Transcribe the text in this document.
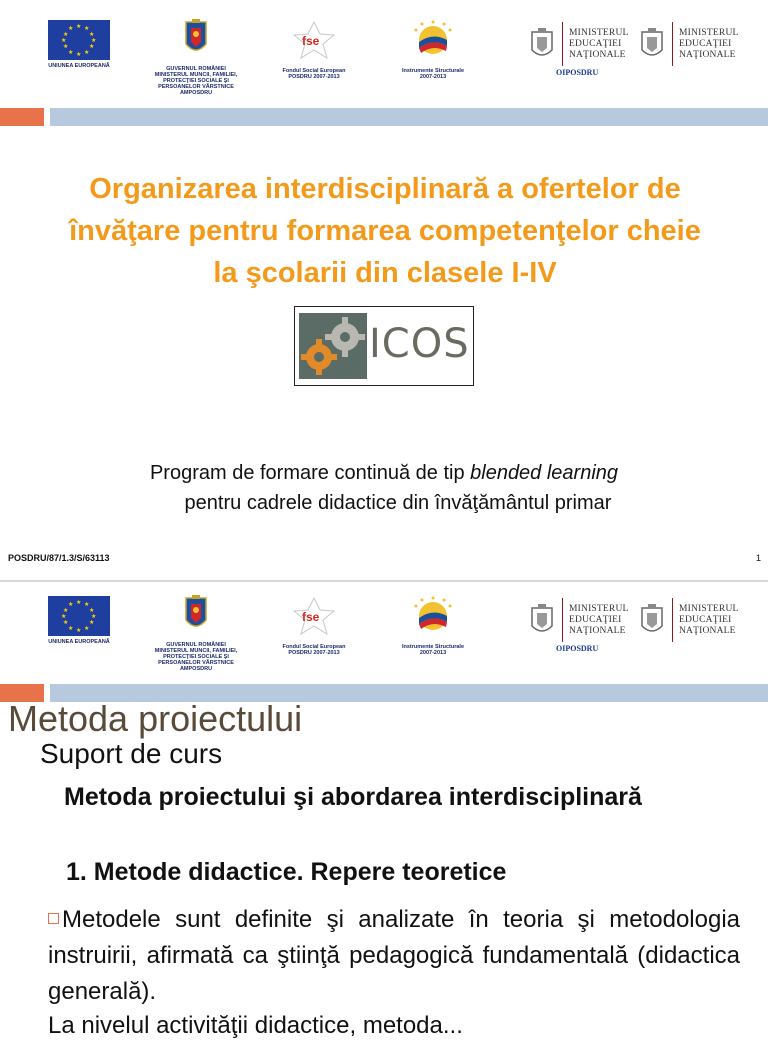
★ ★
★
★
★
★
★
★
★
★
★
★
UNIUNEA EUROPEANĂ	GUVERNUL ROMÂNIEI
MINISTERUL MUNCII, FAMILIEI,
PROTECŢIEI SOCIALE ŞI
PERSOANELOR VÂRSTNICE
AMPOSDRU
fse
Fondul Social European
POSDRU 2007-2013
Instrumente Structurale
2007-2013
MINISTERUL
EDUCAŢIEI
NAŢIONALE
OIPOSDRU
MINISTERUL
EDUCAŢIEI
NAŢIONALE
Organizarea interdisciplinară a ofertelor de învăţare pentru formarea competenţelor cheie la şcolarii din clasele I-IV
ICOS
Program de formare continuă de tip blended learning
pentru cadrele didactice din învăţământul primar
POSDRU/87/1.3/S/63113	1
★ ★
★
★
★
★
★
★
★
★
★
★
UNIUNEA EUROPEANĂ	GUVERNUL ROMÂNIEI
MINISTERUL MUNCII, FAMILIEI,
PROTECŢIEI SOCIALE ŞI
PERSOANELOR VÂRSTNICE
AMPOSDRU
fse
Fondul Social European
POSDRU 2007-2013
Instrumente Structurale
2007-2013
MINISTERUL
EDUCAŢIEI
NAŢIONALE
OIPOSDRU
MINISTERUL
EDUCAŢIEI
NAŢIONALE
Metoda proiectului
Suport de curs
Metoda proiectului şi abordarea interdisciplinară
1. Metode didactice. Repere teoretice
Metodele sunt definite şi analizate în teoria şi metodologia instruirii, afirmată ca ştiinţă pedagogică fundamentală (didactica generală).
La nivelul activităţii didactice, metoda...
